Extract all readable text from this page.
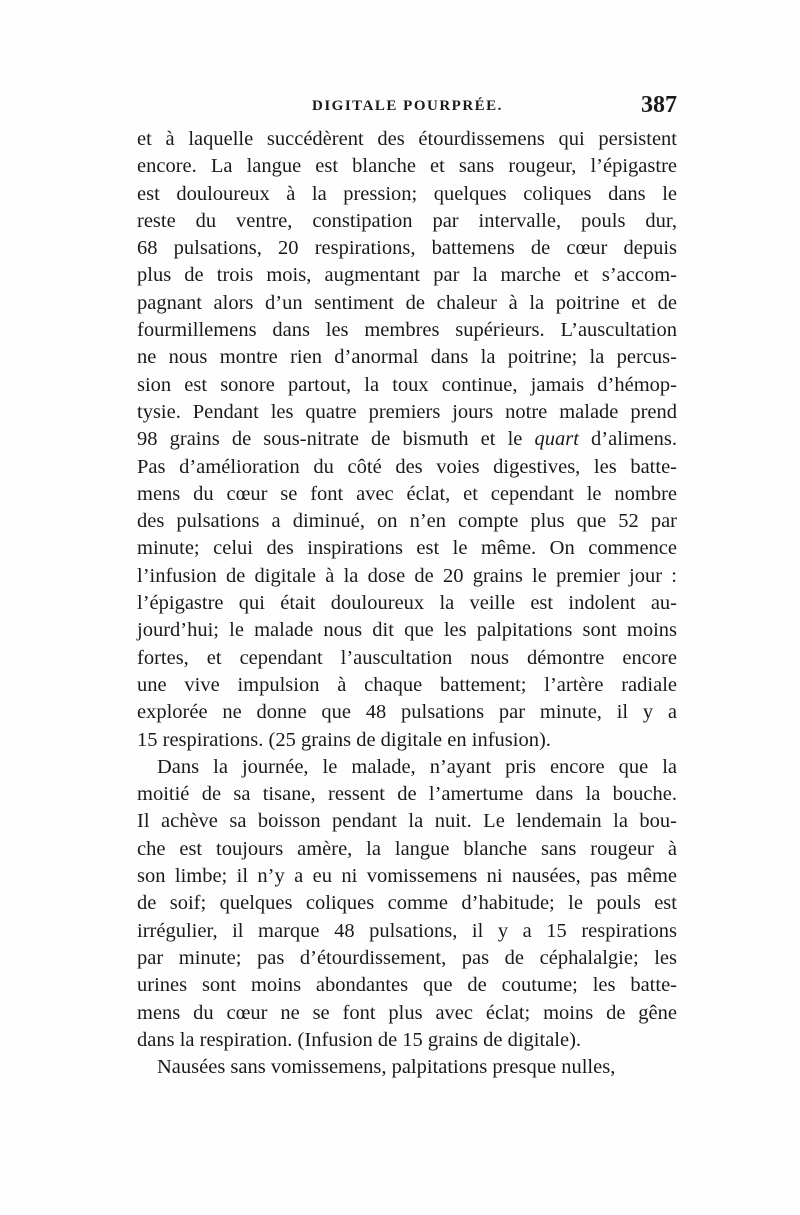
DIGITALE POURPRÉE.	387
et à laquelle succédèrent des étourdissemens qui persistent
encore. La langue est blanche et sans rougeur, l’épigastre
est douloureux à la pression; quelques coliques dans le
reste du ventre, constipation par intervalle, pouls dur,
68 pulsations, 20 respirations, battemens de cœur depuis
plus de trois mois, augmentant par la marche et s’accom-
pagnant alors d’un sentiment de chaleur à la poitrine et de
fourmillemens dans les membres supérieurs. L’auscultation
ne nous montre rien d’anormal dans la poitrine; la percus-
sion est sonore partout, la toux continue, jamais d’hémop-
tysie. Pendant les quatre premiers jours notre malade prend
98 grains de sous-nitrate de bismuth et le quart d’alimens.
Pas d’amélioration du côté des voies digestives, les batte-
mens du cœur se font avec éclat, et cependant le nombre
des pulsations a diminué, on n’en compte plus que 52 par
minute; celui des inspirations est le même. On commence
l’infusion de digitale à la dose de 20 grains le premier jour :
l’épigastre qui était douloureux la veille est indolent au-
jourd’hui; le malade nous dit que les palpitations sont moins
fortes, et cependant l’auscultation nous démontre encore
une vive impulsion à chaque battement; l’artère radiale
explorée ne donne que 48 pulsations par minute, il y a
15 respirations. (25 grains de digitale en infusion).
Dans la journée, le malade, n’ayant pris encore que la
moitié de sa tisane, ressent de l’amertume dans la bouche.
Il achève sa boisson pendant la nuit. Le lendemain la bou-
che est toujours amère, la langue blanche sans rougeur à
son limbe; il n’y a eu ni vomissemens ni nausées, pas même
de soif; quelques coliques comme d’habitude; le pouls est
irrégulier, il marque 48 pulsations, il y a 15 respirations
par minute; pas d’étourdissement, pas de céphalalgie; les
urines sont moins abondantes que de coutume; les batte-
mens du cœur ne se font plus avec éclat; moins de gêne
dans la respiration. (Infusion de 15 grains de digitale).
Nausées sans vomissemens, palpitations presque nulles,
